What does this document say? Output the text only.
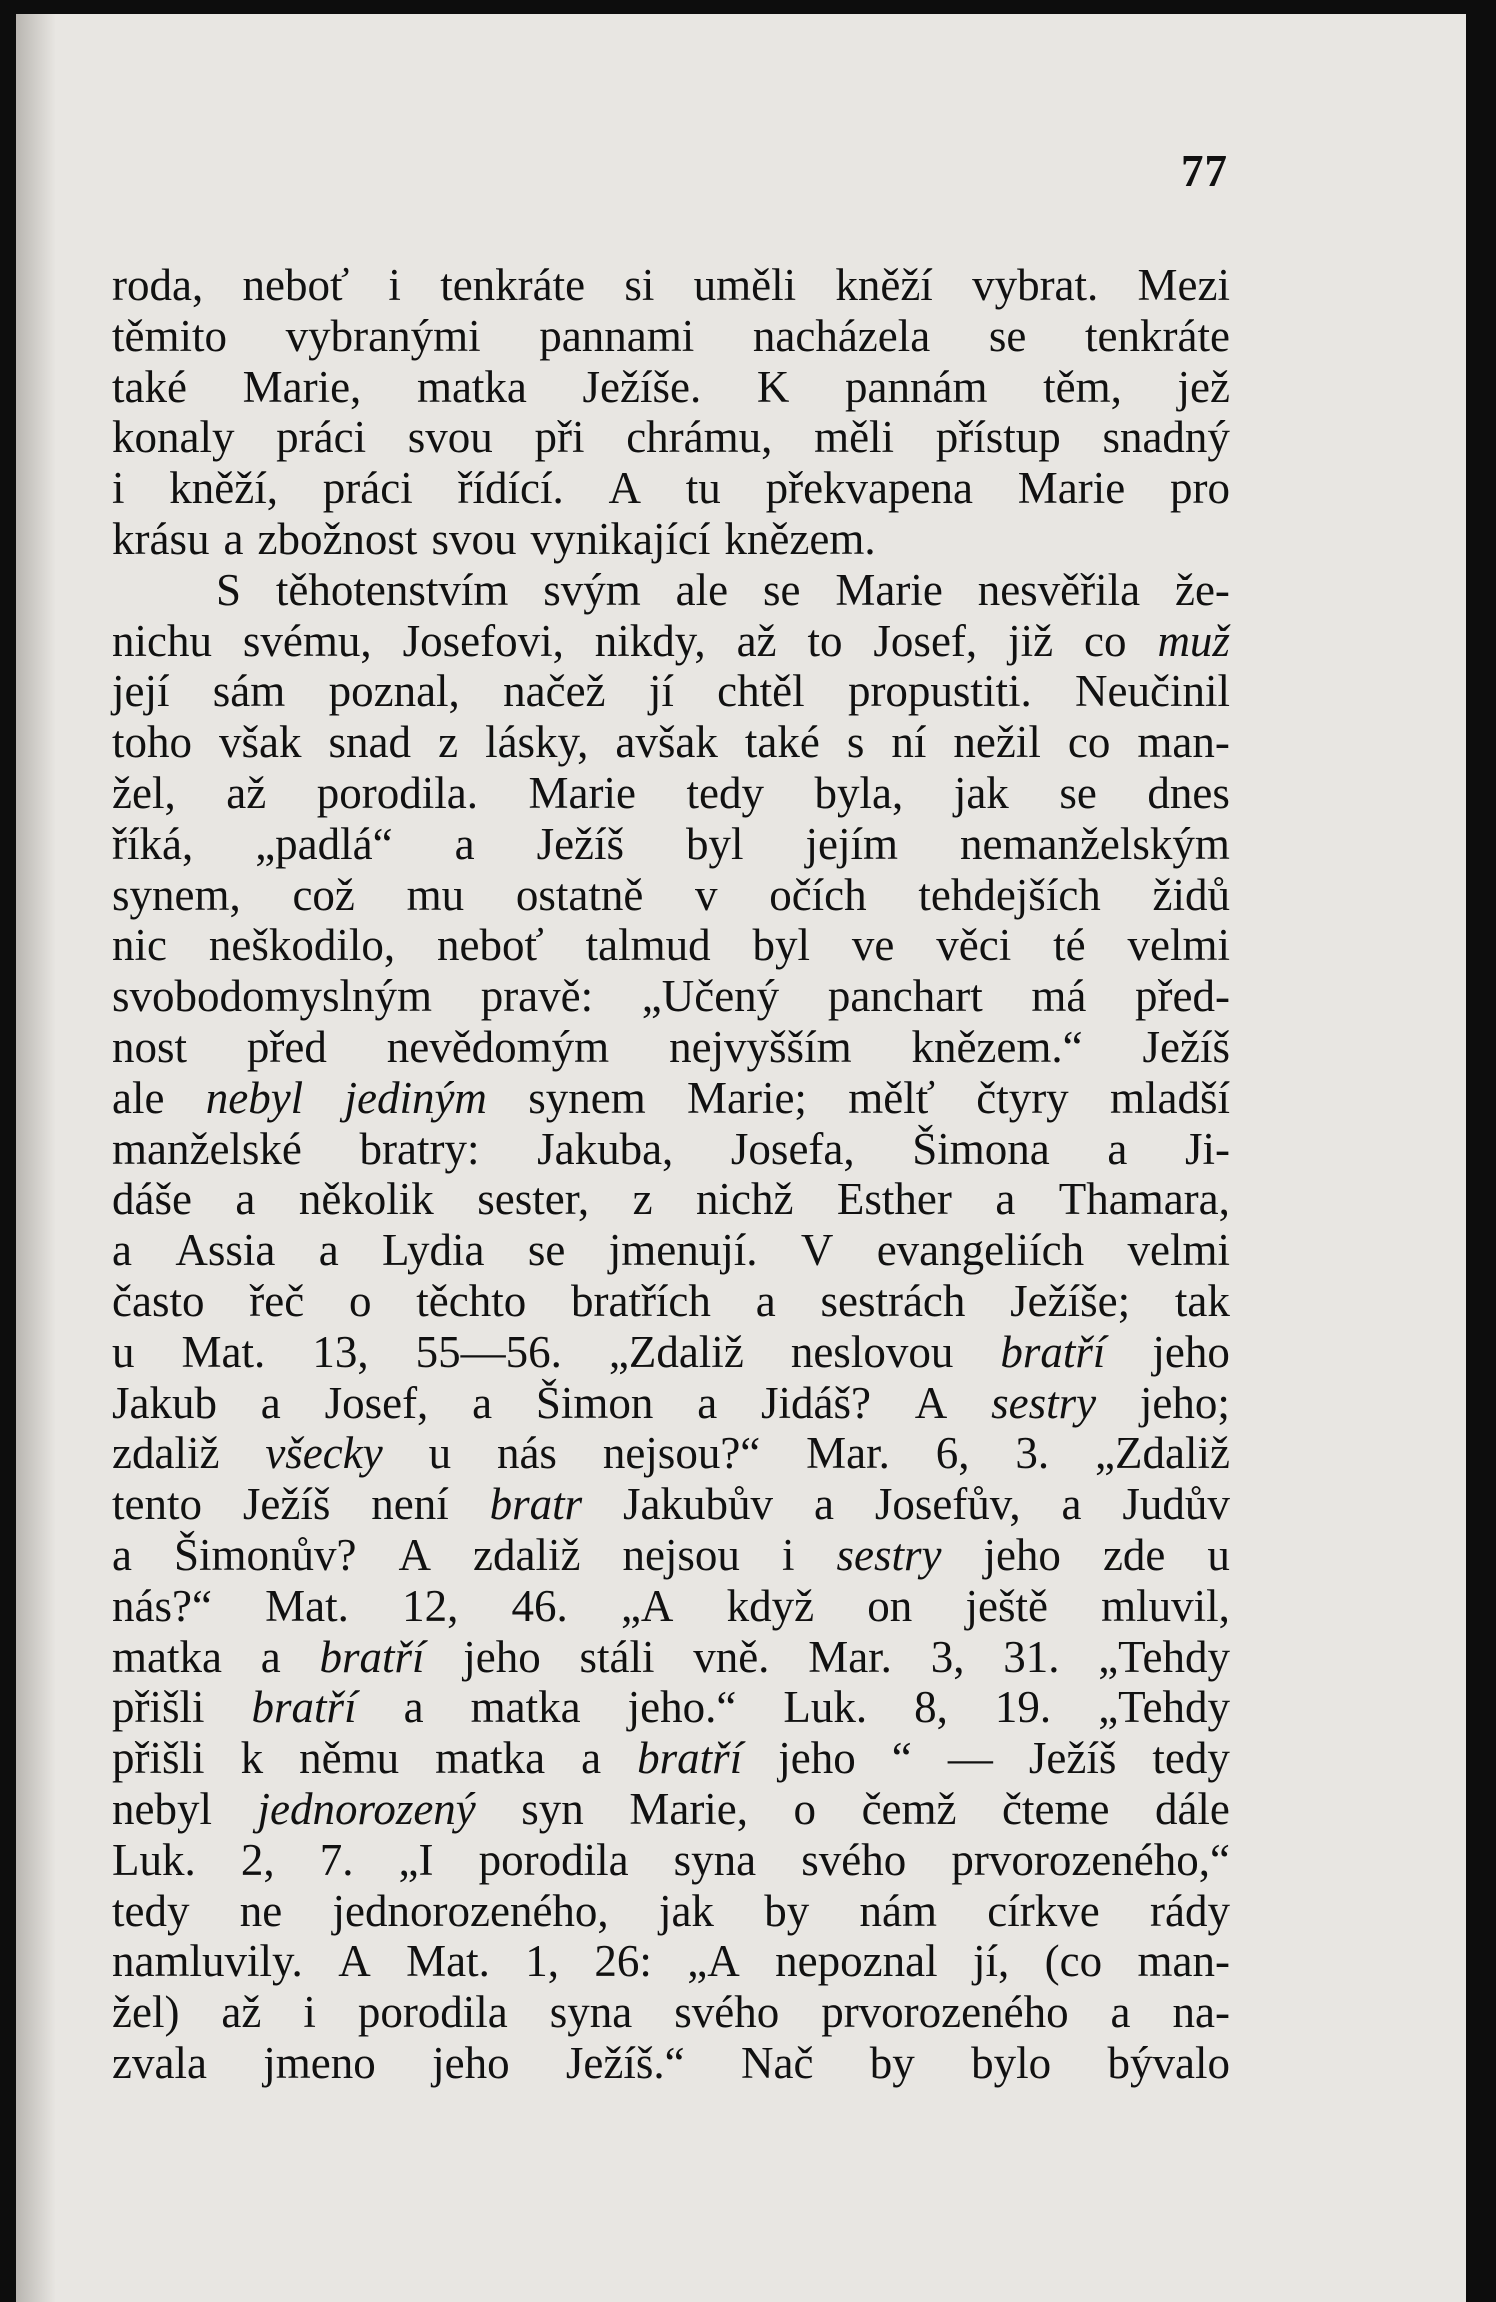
77
roda, neboť i tenkráte si uměli kněží vybrat. Mezi
těmito vybranými pannami nacházela se tenkráte
také Marie, matka Ježíše. K pannám těm, jež
konaly práci svou při chrámu, měli přístup snadný
i kněží, práci řídící. A tu překvapena Marie pro
krásu a zbožnost svou vynikající knězem.
S těhotenstvím svým ale se Marie nesvěřila že-
nichu svému, Josefovi, nikdy, až to Josef, již co muž
její sám poznal, načež jí chtěl propustiti. Neučinil
toho však snad z lásky, avšak také s ní nežil co man-
žel, až porodila. Marie tedy byla, jak se dnes
říká, „padlá“ a Ježíš byl jejím nemanželským
synem, což mu ostatně v očích tehdejších židů
nic neškodilo, neboť talmud byl ve věci té velmi
svobodomyslným pravě: „Učený panchart má před-
nost před nevědomým nejvyšším knězem.“ Ježíš
ale nebyl jediným synem Marie; mělť čtyry mladší
manželské bratry: Jakuba, Josefa, Šimona a Ji-
dáše a několik sester, z nichž Esther a Thamara,
a Assia a Lydia se jmenují. V evangeliích velmi
často řeč o těchto bratřích a sestrách Ježíše; tak
u Mat. 13, 55—56. „Zdaliž neslovou bratří jeho
Jakub a Josef, a Šimon a Jidáš? A sestry jeho;
zdaliž všecky u nás nejsou?“ Mar. 6, 3. „Zdaliž
tento Ježíš není bratr Jakubův a Josefův, a Judův
a Šimonův? A zdaliž nejsou i sestry jeho zde u
nás?“ Mat. 12, 46. „A když on ještě mluvil,
matka a bratří jeho stáli vně. Mar. 3, 31. „Tehdy
přišli bratří a matka jeho.“ Luk. 8, 19. „Tehdy
přišli k němu matka a bratří jeho “ — Ježíš tedy
nebyl jednorozený syn Marie, o čemž čteme dále
Luk. 2, 7. „I porodila syna svého prvorozeného,“
tedy ne jednorozeného, jak by nám církve rády
namluvily. A Mat. 1, 26: „A nepoznal jí, (co man-
žel) až i porodila syna svého prvorozeného a na-
zvala jmeno jeho Ježíš.“ Nač by bylo bývalo
